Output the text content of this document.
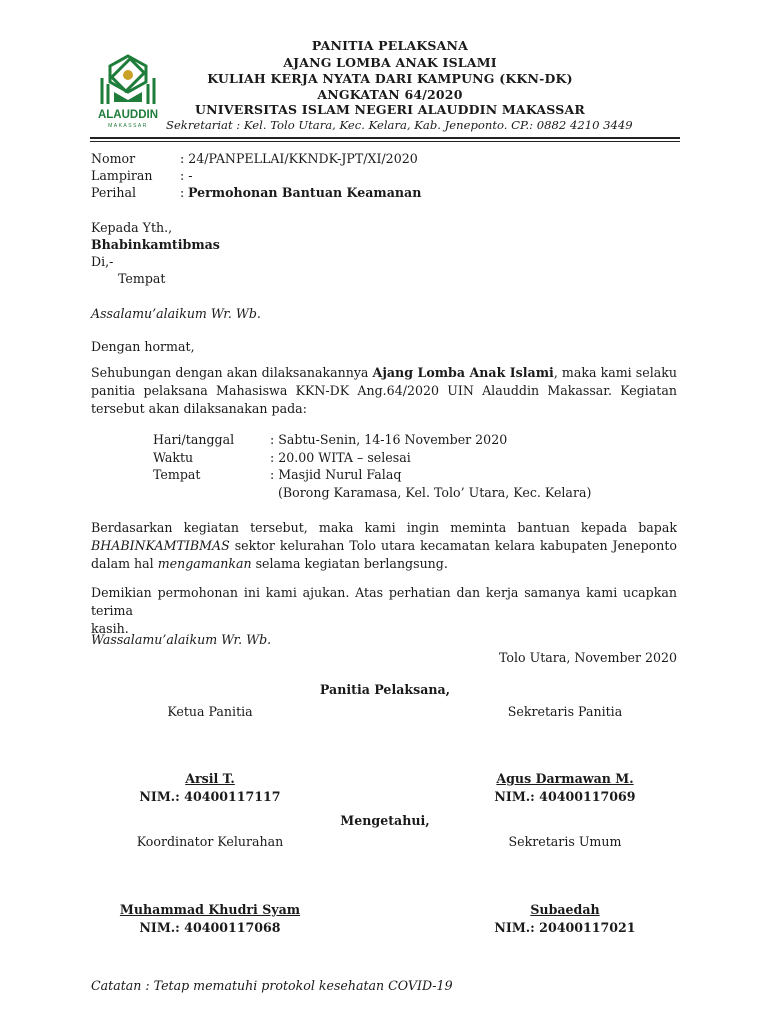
ALAUDDIN
MAKASSAR
PANITIA PELAKSANA
AJANG LOMBA ANAK ISLAMI
KULIAH KERJA NYATA DARI KAMPUNG (KKN-DK)
ANGKATAN 64/2020
UNIVERSITAS ISLAM NEGERI ALAUDDIN MAKASSAR
Sekretariat : Kel. Tolo Utara, Kec. Kelara, Kab. Jeneponto. CP.: 0882 4210 3449
Nomor	: 24/PANPELLAI/KKNDK-JPT/XI/2020
Lampiran : -
Perihal	: Permohonan Bantuan Keamanan
Kepada Yth.,
Bhabinkamtibmas
Di,-
Tempat
Assalamu’alaikum Wr. Wb.
Dengan hormat,
Sehubungan dengan akan dilaksanakannya Ajang Lomba Anak Islami, maka kami selaku
panitia pelaksana Mahasiswa KKN-DK Ang.64/2020 UIN Alauddin Makassar. Kegiatan
tersebut akan dilaksanakan pada:
Hari/tanggal	: Sabtu-Senin, 14-16 November 2020
Waktu	: 20.00 WITA – selesai
Tempat	: Masjid Nurul Falaq
(Borong Karamasa, Kel. Tolo’ Utara, Kec. Kelara)
Berdasarkan kegiatan tersebut, maka kami ingin meminta bantuan kepada bapak
BHABINKAMTIBMAS sektor kelurahan Tolo utara kecamatan kelara kabupaten Jeneponto
dalam hal mengamankan selama kegiatan berlangsung.
Demikian permohonan ini kami ajukan. Atas perhatian dan kerja samanya kami ucapkan terima
kasih.
Wassalamu’alaikum Wr. Wb.
Tolo Utara, November 2020
Panitia Pelaksana,
Ketua Panitia	Sekretaris Panitia
Arsil T.
NIM.: 40400117117
Agus Darmawan M.
NIM.: 40400117069
Mengetahui,
Koordinator Kelurahan	Sekretaris Umum
Muhammad Khudri Syam
NIM.: 40400117068
Subaedah
NIM.: 20400117021
Catatan : Tetap mematuhi protokol kesehatan COVID-19
